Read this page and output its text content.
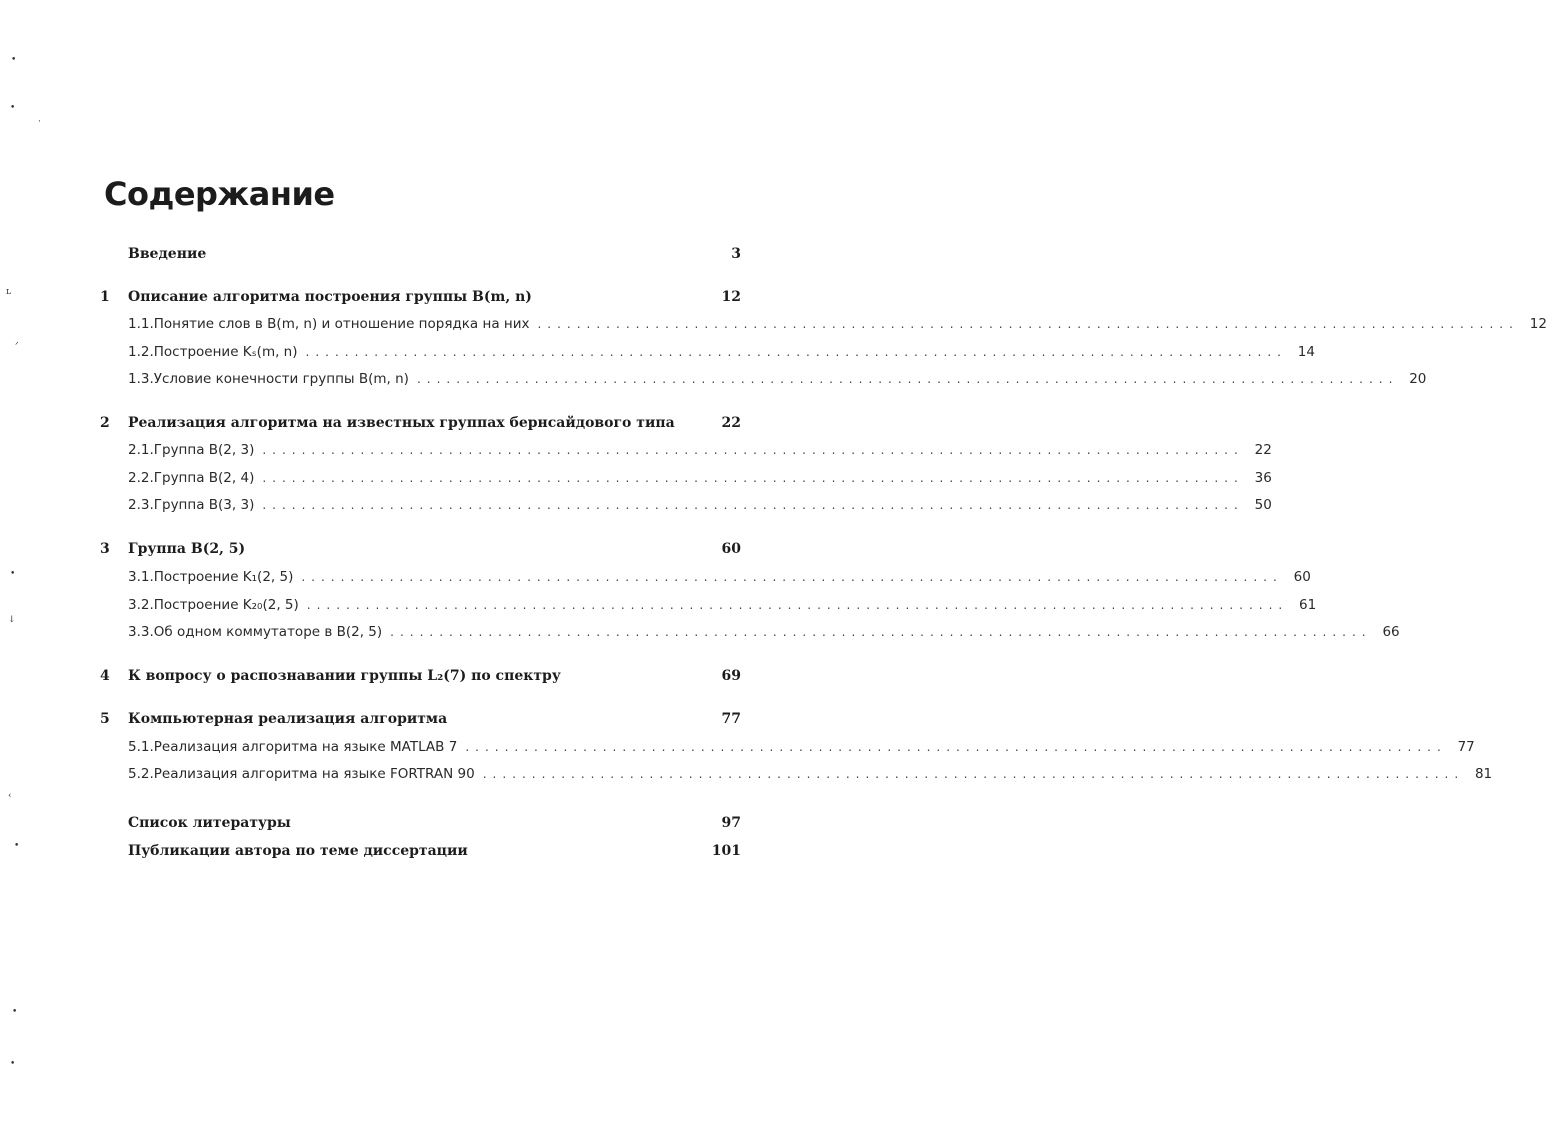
•
•
·
ʟ
ᐟ
•
↓
‹
•
•
•
Содержание
Введение	3
1	Описание алгоритма построения группы B(m, n)	12
1.1. Понятие слов в B(m, n) и отношение порядка на них .................................................................................................... 12
1.2. Построение Kₛ(m, n) .................................................................................................... 14
1.3. Условие конечности группы B(m, n) .................................................................................................... 20
2	Реализация алгоритма на известных группах бернсайдового типа	22
2.1. Группа B(2, 3) .................................................................................................... 22
2.2. Группа B(2, 4) .................................................................................................... 36
2.3. Группа B(3, 3) .................................................................................................... 50
3	Группа B(2, 5)	60
3.1. Построение K₁(2, 5) .................................................................................................... 60
3.2. Построение K₂₀(2, 5) .................................................................................................... 61
3.3. Об одном коммутаторе в B(2, 5) .................................................................................................... 66
4	К вопросу о распознавании группы L₂(7) по спектру	69
5	Компьютерная реализация алгоритма	77
5.1. Реализация алгоритма на языке MATLAB 7 .................................................................................................... 77
5.2. Реализация алгоритма на языке FORTRAN 90 .................................................................................................... 81
Список литературы	97
Публикации автора по теме диссертации	101
